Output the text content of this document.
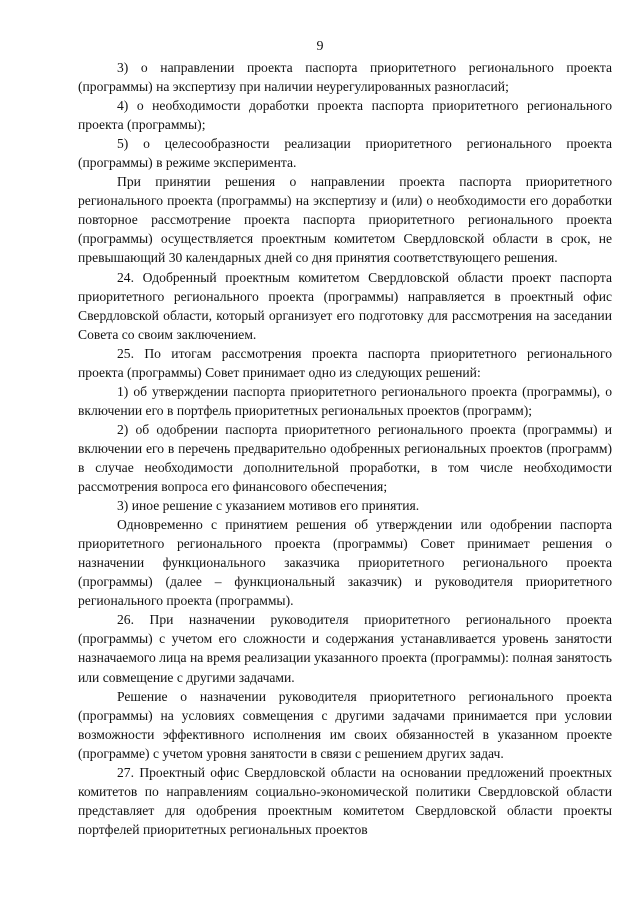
9

3) о направлении проекта паспорта приоритетного регионального проекта (программы) на экспертизу при наличии неурегулированных разногласий;

4) о необходимости доработки проекта паспорта приоритетного регионального проекта (программы);

5) о целесообразности реализации приоритетного регионального проекта (программы) в режиме эксперимента.

При принятии решения о направлении проекта паспорта приоритетного регионального проекта (программы) на экспертизу и (или) о необходимости его доработки повторное рассмотрение проекта паспорта приоритетного регионального проекта (программы) осуществляется проектным комитетом Свердловской области в срок, не превышающий 30 календарных дней со дня принятия соответствующего решения.

24. Одобренный проектным комитетом Свердловской области проект паспорта приоритетного регионального проекта (программы) направляется в проектный офис Свердловской области, который организует его подготовку для рассмотрения на заседании Совета со своим заключением.

25. По итогам рассмотрения проекта паспорта приоритетного регионального проекта (программы) Совет принимает одно из следующих решений:

1) об утверждении паспорта приоритетного регионального проекта (программы), о включении его в портфель приоритетных региональных проектов (программ);

2) об одобрении паспорта приоритетного регионального проекта (программы) и включении его в перечень предварительно одобренных региональных проектов (программ) в случае необходимости дополнительной проработки, в том числе необходимости рассмотрения вопроса его финансового обеспечения;

3) иное решение с указанием мотивов его принятия.

Одновременно с принятием решения об утверждении или одобрении паспорта приоритетного регионального проекта (программы) Совет принимает решения о назначении функционального заказчика приоритетного регионального проекта (программы) (далее – функциональный заказчик) и руководителя приоритетного регионального проекта (программы).

26. При назначении руководителя приоритетного регионального проекта (программы) с учетом его сложности и содержания устанавливается уровень занятости назначаемого лица на время реализации указанного проекта (программы): полная занятость или совмещение с другими задачами.

Решение о назначении руководителя приоритетного регионального проекта (программы) на условиях совмещения с другими задачами принимается при условии возможности эффективного исполнения им своих обязанностей в указанном проекте (программе) с учетом уровня занятости в связи с решением других задач.

27. Проектный офис Свердловской области на основании предложений проектных комитетов по направлениям социально-экономической политики Свердловской области представляет для одобрения проектным комитетом Свердловской области проекты портфелей приоритетных региональных проектов
